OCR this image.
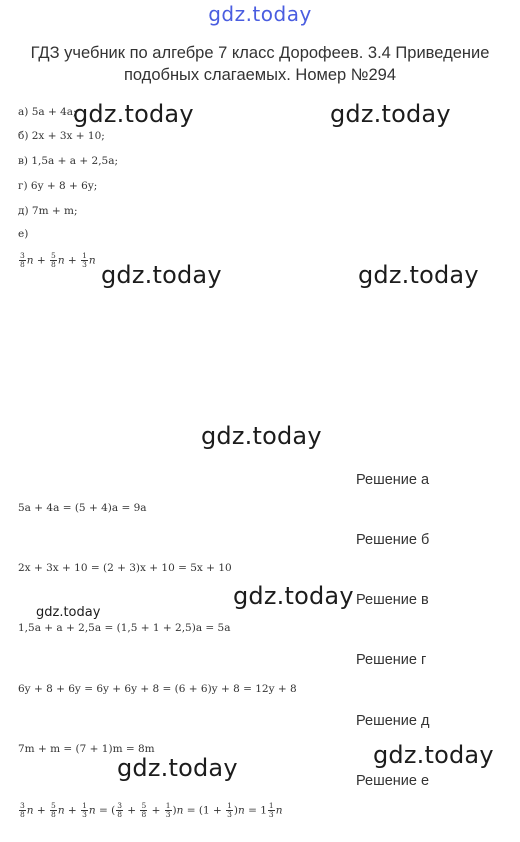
gdz.today
ГДЗ учебник по алгебре 7 класс Дорофеев. 3.4 Приведение подобных слагаемых. Номер №294
а) 5a + 4a;
б) 2x + 3x + 10;
в) 1,5a + a + 2,5a;
г) 6y + 8 + 6y;
д) 7m + m;
е)
$\frac{3}{8}$ $n + \frac{5}{8}$ $n + \frac{1}{3}$ n
gdz.today	gdz.today
gdz.today	gdz.today
gdz.today
gdz.today
gdz.today
gdz.today
gdz.today
Решение а
5a + 4a = (5 + 4)a = 9a
Решение б
2x + 3x + 10 = (2 + 3)x + 10 = 5x + 10
Решение в
1,5a + a + 2,5a = (1,5 + 1 + 2,5)a = 5a
Решение г
6y + 8 + 6y = 6y + 6y + 8 = (6 + 6)y + 8 = 12y + 8
Решение д
7m + m = (7 + 1)m = 8m
Решение е
$\frac{3}{8}$ $n + \frac{5}{8}$ $n + \frac{1}{3}$ n = ( $\frac{3}{8} + \frac{5}{8} + \frac{1}{3} )n = (1 + \frac{1}{3} )n = 1 \frac{1}{3}$ n
